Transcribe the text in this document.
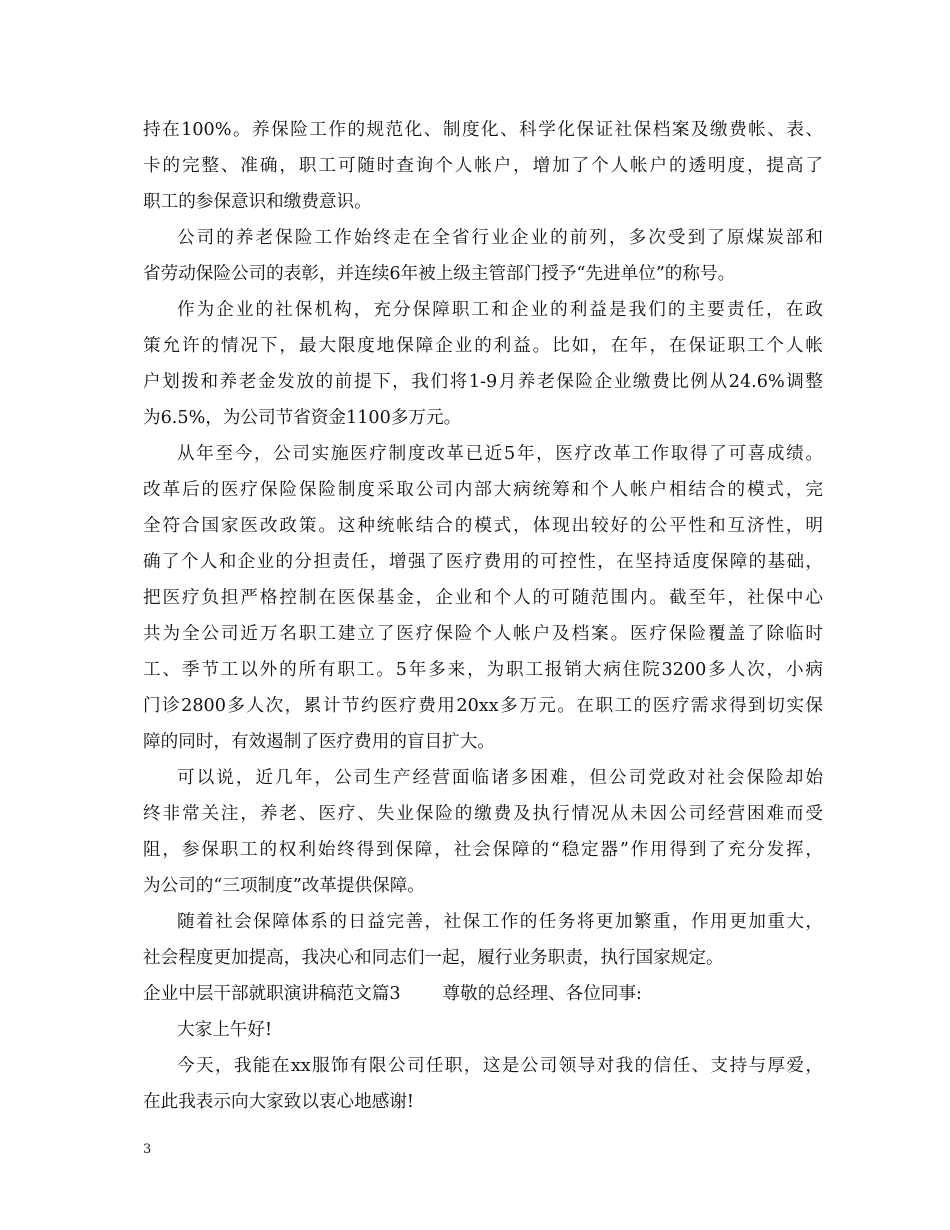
持在100%。养保险工作的规范化、制度化、科学化保证社保档案及缴费帐、表、
卡的完整、准确，职工可随时查询个人帐户，增加了个人帐户的透明度，提高了
职工的参保意识和缴费意识。
公司的养老保险工作始终走在全省行业企业的前列，多次受到了原煤炭部和
省劳动保险公司的表彰，并连续6年被上级主管部门授予“先进单位”的称号。
作为企业的社保机构，充分保障职工和企业的利益是我们的主要责任，在政
策允许的情况下，最大限度地保障企业的利益。比如，在年，在保证职工个人帐
户划拨和养老金发放的前提下，我们将1-9月养老保险企业缴费比例从24.6%调整
为6.5%，为公司节省资金1100多万元。
从年至今，公司实施医疗制度改革已近5年，医疗改革工作取得了可喜成绩。
改革后的医疗保险保险制度采取公司内部大病统筹和个人帐户相结合的模式，完
全符合国家医改政策。这种统帐结合的模式，体现出较好的公平性和互济性，明
确了个人和企业的分担责任，增强了医疗费用的可控性，在坚持适度保障的基础，
把医疗负担严格控制在医保基金，企业和个人的可随范围内。截至年，社保中心
共为全公司近万名职工建立了医疗保险个人帐户及档案。医疗保险覆盖了除临时
工、季节工以外的所有职工。5年多来，为职工报销大病住院3200多人次，小病
门诊2800多人次，累计节约医疗费用20xx多万元。在职工的医疗需求得到切实保
障的同时，有效遏制了医疗费用的盲目扩大。
可以说，近几年，公司生产经营面临诸多困难，但公司党政对社会保险却始
终非常关注，养老、医疗、失业保险的缴费及执行情况从未因公司经营困难而受
阻，参保职工的权利始终得到保障，社会保障的“稳定器”作用得到了充分发挥，
为公司的“三项制度”改革提供保障。
随着社会保障体系的日益完善，社保工作的任务将更加繁重，作用更加重大，
社会程度更加提高，我决心和同志们一起，履行业务职责，执行国家规定。
企业中层干部就职演讲稿范文篇3 尊敬的总经理、各位同事:
大家上午好!
今天，我能在xx服饰有限公司任职，这是公司领导对我的信任、支持与厚爱，
在此我表示向大家致以衷心地感谢!
3
